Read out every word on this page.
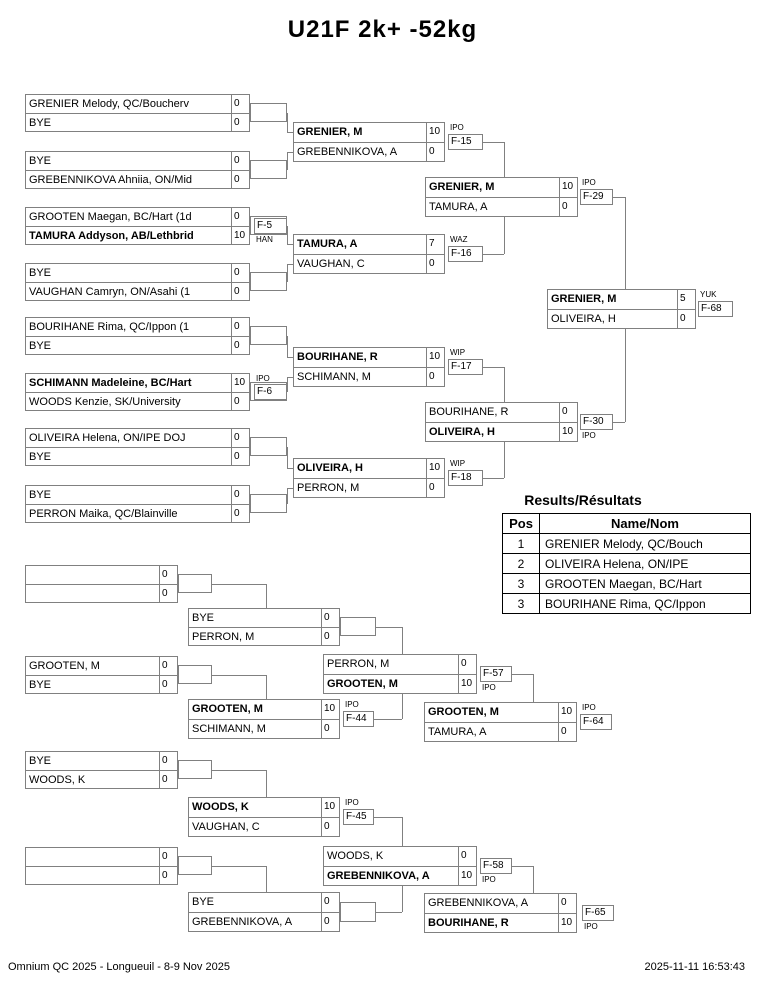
U21F 2k+ -52kg
GRENIER Melody, QC/Boucherv	0
BYE	0
BYE	0
GREBENNIKOVA Ahniia, ON/Mid	0
GROOTEN Maegan, BC/Hart (1d	0
TAMURA Addyson, AB/Lethbrid	10
BYE	0
VAUGHAN Camryn, ON/Asahi (1	0
BOURIHANE Rima, QC/Ippon (1	0
BYE	0
SCHIMANN Madeleine, BC/Hart	10
WOODS Kenzie, SK/University	0
OLIVEIRA Helena, ON/IPE DOJ	0
BYE	0
BYE	0
PERRON Maika, QC/Blainville	0
GRENIER, M	10
GREBENNIKOVA, A	0
TAMURA, A	7
VAUGHAN, C	0
BOURIHANE, R	10
SCHIMANN, M	0
OLIVEIRA, H	10
PERRON, M	0
GRENIER, M	10
TAMURA, A	0
BOURIHANE, R	0
OLIVEIRA, H	10
GRENIER, M	5
OLIVEIRA, H	0
0
0
GROOTEN, M	0
BYE	0
BYE	0
WOODS, K	0
0
0
BYE	0
PERRON, M	0
GROOTEN, M	10
SCHIMANN, M	0
WOODS, K	10
VAUGHAN, C	0
BYE	0
GREBENNIKOVA, A	0
PERRON, M	0
GROOTEN, M	10
WOODS, K	0
GREBENNIKOVA, A	10
GROOTEN, M	10
TAMURA, A	0
GREBENNIKOVA, A	0
BOURIHANE, R	10
F-5
F-6
F-15
F-16
F-17
F-18
F-29
F-30
F-68
F-44
F-45
F-57
F-58
F-64
F-65
HAN
IPO
IPO
WAZ
WIP
WIP
IPO
IPO
YUK
IPO
IPO
IPO
IPO
IPO
IPO
Results/Résultats
Pos	Name/Nom
1	GRENIER Melody, QC/Bouch
2	OLIVEIRA Helena, ON/IPE
3	GROOTEN Maegan, BC/Hart
3	BOURIHANE Rima, QC/Ippon
Omnium QC 2025 - Longueuil - 8-9 Nov 2025	2025-11-11 16:53:43
